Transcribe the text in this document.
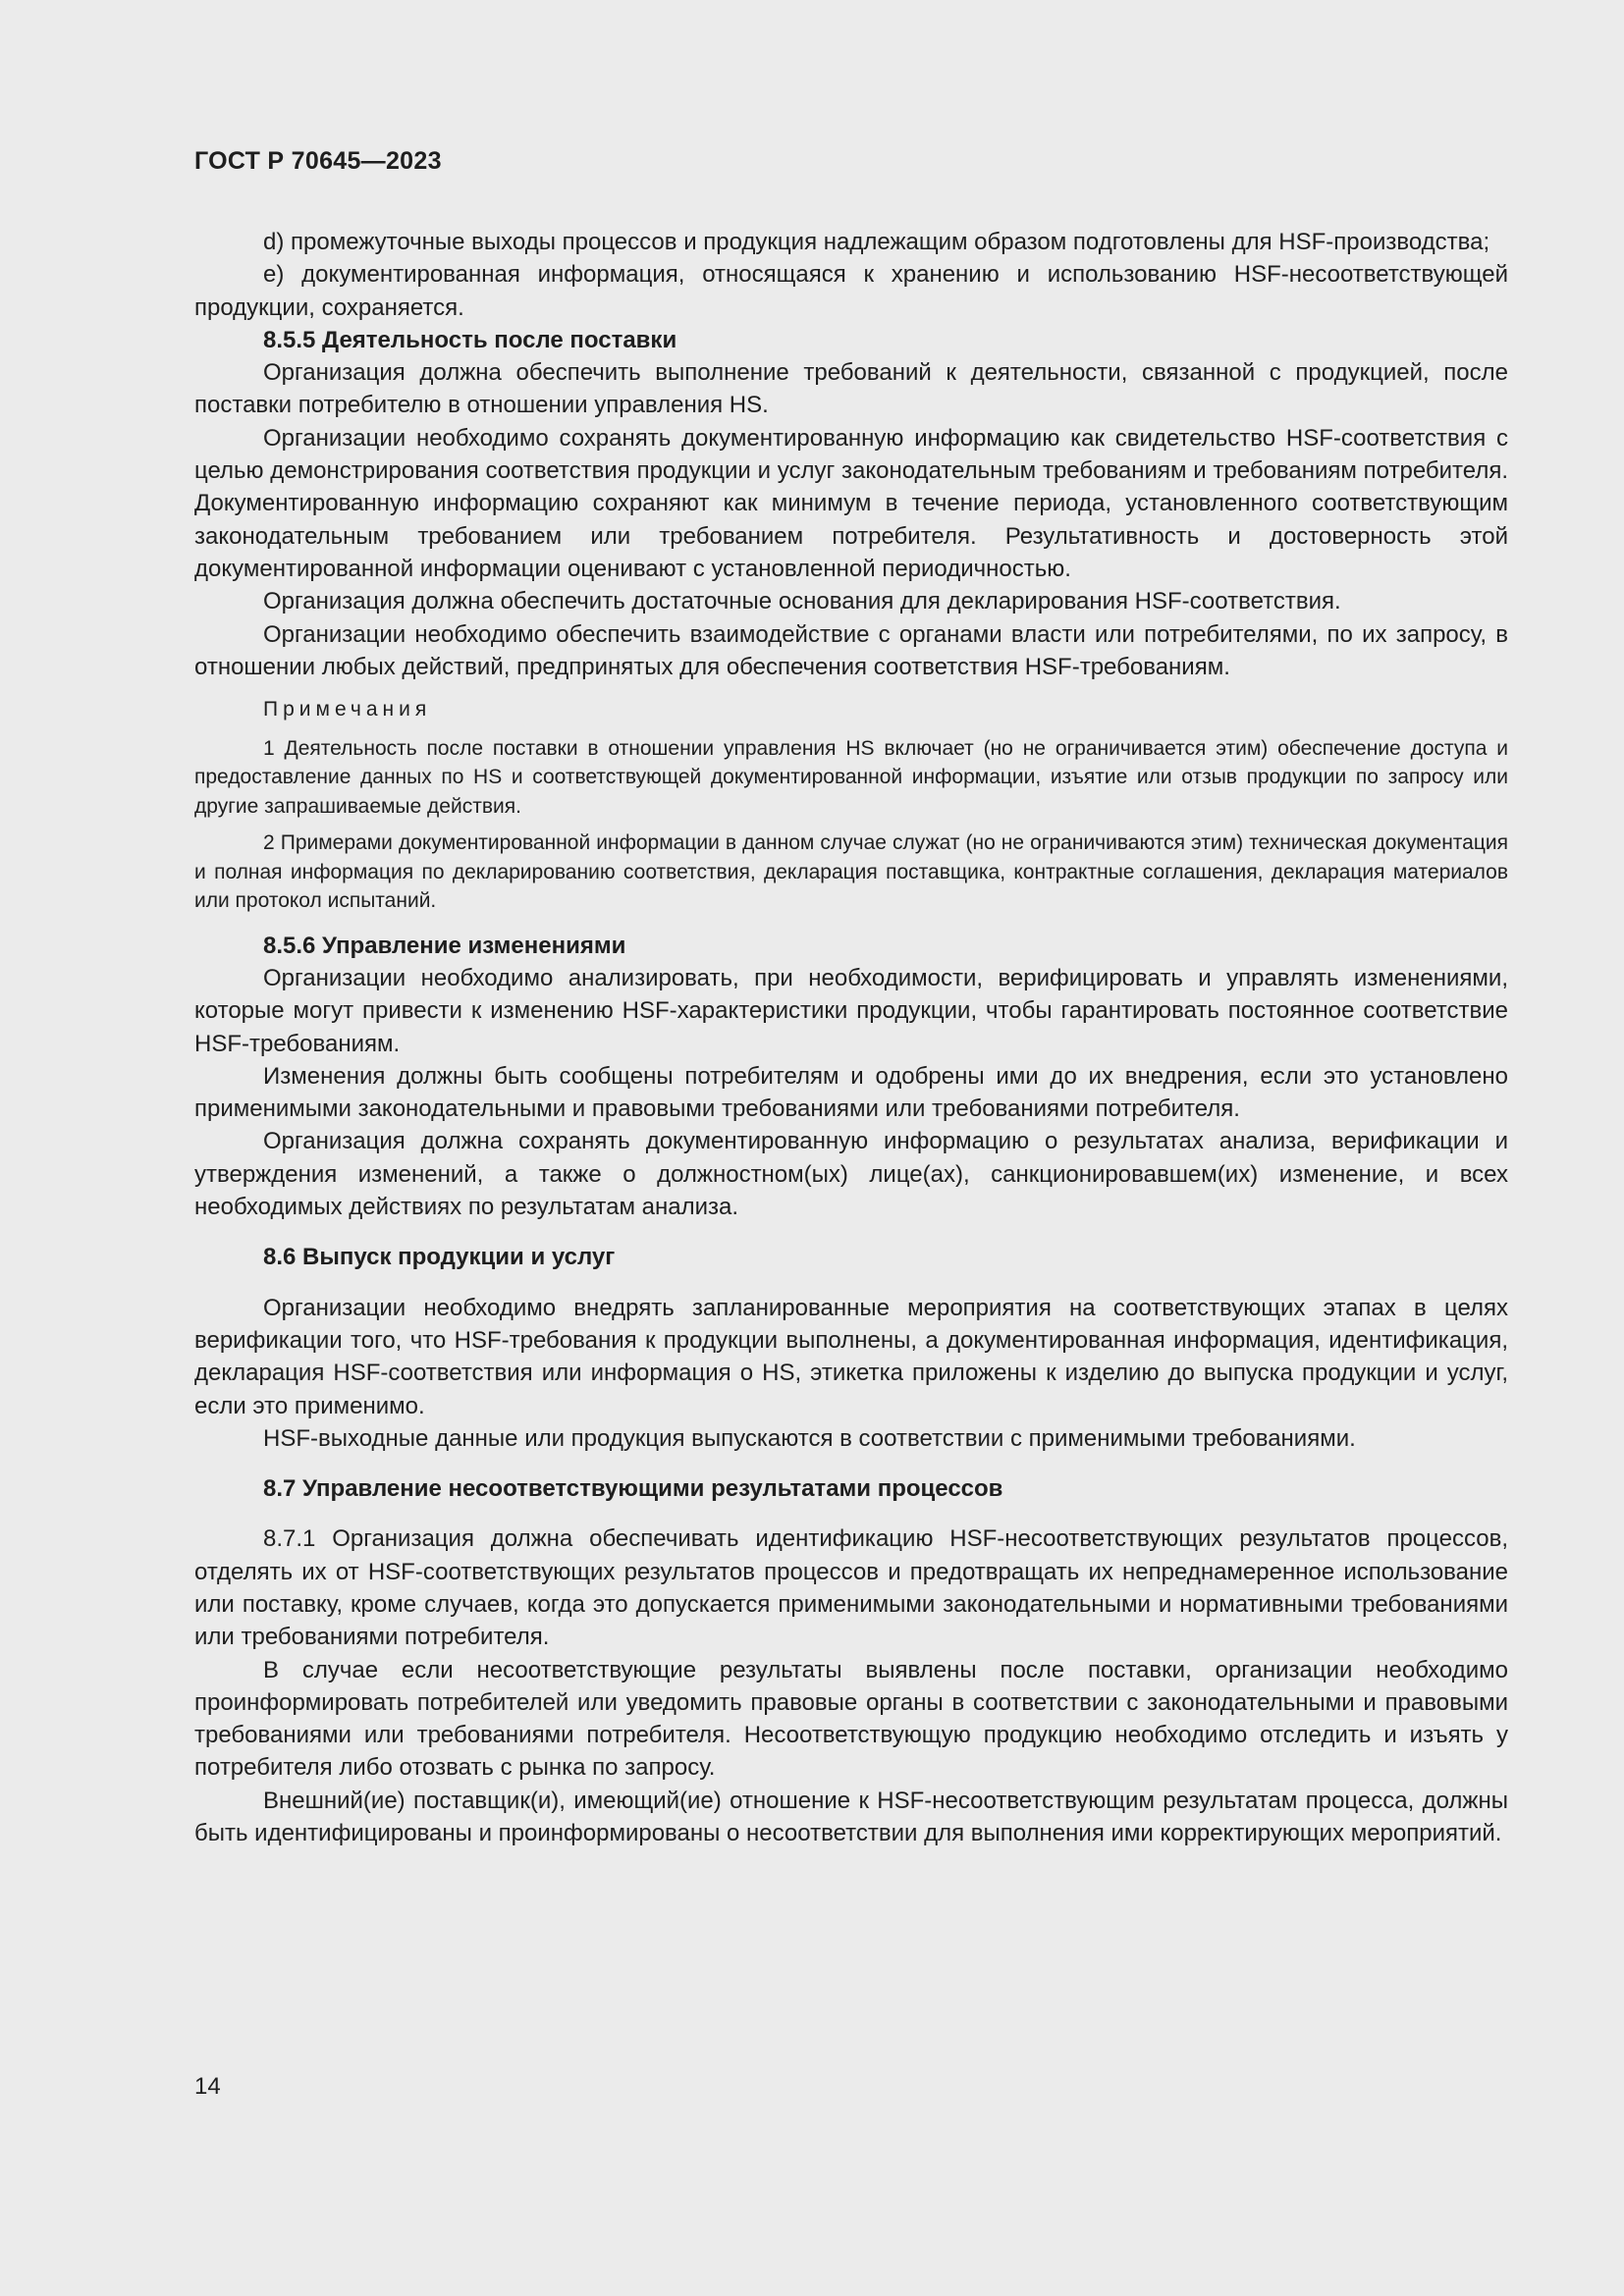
ГОСТ Р 70645—2023

d) промежуточные выходы процессов и продукция надлежащим образом подготовлены для HSF-производства;

e) документированная информация, относящаяся к хранению и использованию HSF-несоответствующей продукции, сохраняется.

8.5.5 Деятельность после поставки

Организация должна обеспечить выполнение требований к деятельности, связанной с продукцией, после поставки потребителю в отношении управления HS.

Организации необходимо сохранять документированную информацию как свидетельство HSF-соответствия с целью демонстрирования соответствия продукции и услуг законодательным требованиям и требованиям потребителя. Документированную информацию сохраняют как минимум в течение периода, установленного соответствующим законодательным требованием или требованием потребителя. Результативность и достоверность этой документированной информации оценивают с установленной периодичностью.

Организация должна обеспечить достаточные основания для декларирования HSF-соответствия.

Организации необходимо обеспечить взаимодействие с органами власти или потребителями, по их запросу, в отношении любых действий, предпринятых для обеспечения соответствия HSF-требованиям.

Примечания

1 Деятельность после поставки в отношении управления HS включает (но не ограничивается этим) обеспечение доступа и предоставление данных по HS и соответствующей документированной информации, изъятие или отзыв продукции по запросу или другие запрашиваемые действия.

2 Примерами документированной информации в данном случае служат (но не ограничиваются этим) техническая документация и полная информация по декларированию соответствия, декларация поставщика, контрактные соглашения, декларация материалов или протокол испытаний.

8.5.6 Управление изменениями

Организации необходимо анализировать, при необходимости, верифицировать и управлять изменениями, которые могут привести к изменению HSF-характеристики продукции, чтобы гарантировать постоянное соответствие HSF-требованиям.

Изменения должны быть сообщены потребителям и одобрены ими до их внедрения, если это установлено применимыми законодательными и правовыми требованиями или требованиями потребителя.

Организация должна сохранять документированную информацию о результатах анализа, верификации и утверждения изменений, а также о должностном(ых) лице(ах), санкционировавшем(их) изменение, и всех необходимых действиях по результатам анализа.

8.6 Выпуск продукции и услуг

Организации необходимо внедрять запланированные мероприятия на соответствующих этапах в целях верификации того, что HSF-требования к продукции выполнены, а документированная информация, идентификация, декларация HSF-соответствия или информация о HS, этикетка приложены к изделию до выпуска продукции и услуг, если это применимо.

HSF-выходные данные или продукция выпускаются в соответствии с применимыми требованиями.

8.7 Управление несоответствующими результатами процессов

8.7.1 Организация должна обеспечивать идентификацию HSF-несоответствующих результатов процессов, отделять их от HSF-соответствующих результатов процессов и предотвращать их непреднамеренное использование или поставку, кроме случаев, когда это допускается применимыми законодательными и нормативными требованиями или требованиями потребителя.

В случае если несоответствующие результаты выявлены после поставки, организации необходимо проинформировать потребителей или уведомить правовые органы в соответствии с законодательными и правовыми требованиями или требованиями потребителя. Несоответствующую продукцию необходимо отследить и изъять у потребителя либо отозвать с рынка по запросу.

Внешний(ие) поставщик(и), имеющий(ие) отношение к HSF-несоответствующим результатам процесса, должны быть идентифицированы и проинформированы о несоответствии для выполнения ими корректирующих мероприятий.

14
